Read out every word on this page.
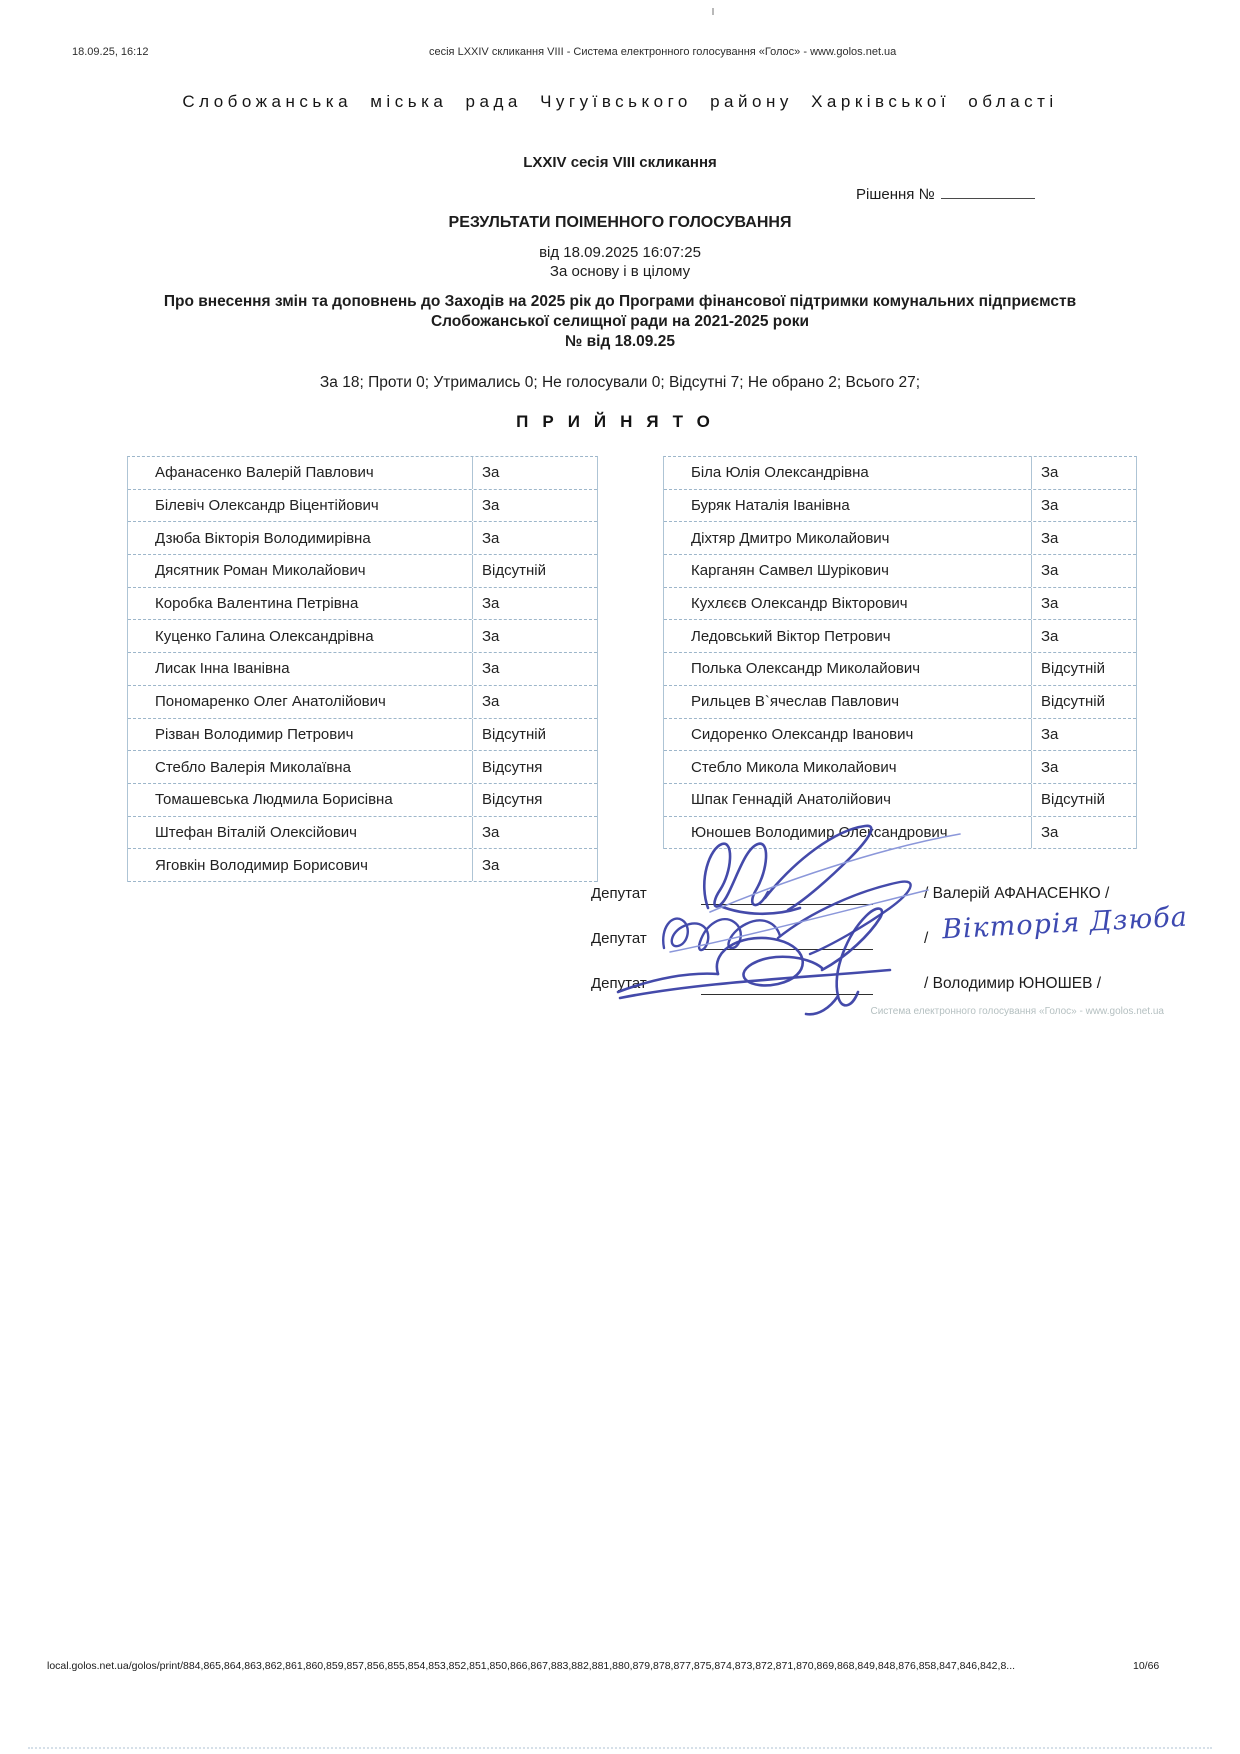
18.09.25, 16:12	сесія LXXIV скликання VIII - Система електронного голосування «Голос» - www.golos.net.ua
Слобожанська міська рада Чугуївського району Харківської області
LXXIV сесія VIII скликання
Рішення №
РЕЗУЛЬТАТИ ПОІМЕННОГО ГОЛОСУВАННЯ
від 18.09.2025 16:07:25
За основу і в цілому
Про внесення змін та доповнень до Заходів на 2025 рік до Програми фінансової підтримки комунальних підприємств
Слобожанської селищної ради на 2021-2025 роки
№ від 18.09.25
За 18; Проти 0; Утримались 0; Не голосували 0; Відсутні 7; Не обрано 2; Всього 27;
ПРИЙНЯТО
Афанасенко Валерій Павлович	За
Білевіч Олександр Віцентійович	За
Дзюба Вікторія Володимирівна	За
Дясятник Роман Миколайович	Відсутній
Коробка Валентина Петрівна	За
Куценко Галина Олександрівна	За
Лисак Інна Іванівна	За
Пономаренко Олег Анатолійович	За
Різван Володимир Петрович	Відсутній
Стебло Валерія Миколаївна	Відсутня
Томашевська Людмила Борисівна	Відсутня
Штефан Віталій Олексійович	За
Яговкін Володимир Борисович	За
Біла Юлія Олександрівна	За
Буряк Наталія Іванівна	За
Діхтяр Дмитро Миколайович	За
Карганян Самвел Шурікович	За
Кухлєєв Олександр Вікторович	За
Ледовський Віктор Петрович	За
Полька Олександр Миколайович	Відсутній
Рильцев В`ячеслав Павлович	Відсутній
Сидоренко Олександр Іванович	За
Стебло Микола Миколайович	За
Шпак Геннадій Анатолійович	Відсутній
Юношев Володимир Олександрович	За
Депутат	/ Валерій АФАНАСЕНКО /
Депутат	/
Депутат	/ Володимир ЮНОШЕВ /
Вікторія Дзюба
Система електронного голосування «Голос» - www.golos.net.ua
local.golos.net.ua/golos/print/884,865,864,863,862,861,860,859,857,856,855,854,853,852,851,850,866,867,883,882,881,880,879,878,877,875,874,873,872,871,870,869,868,849,848,876,858,847,846,842,8...	10/66
